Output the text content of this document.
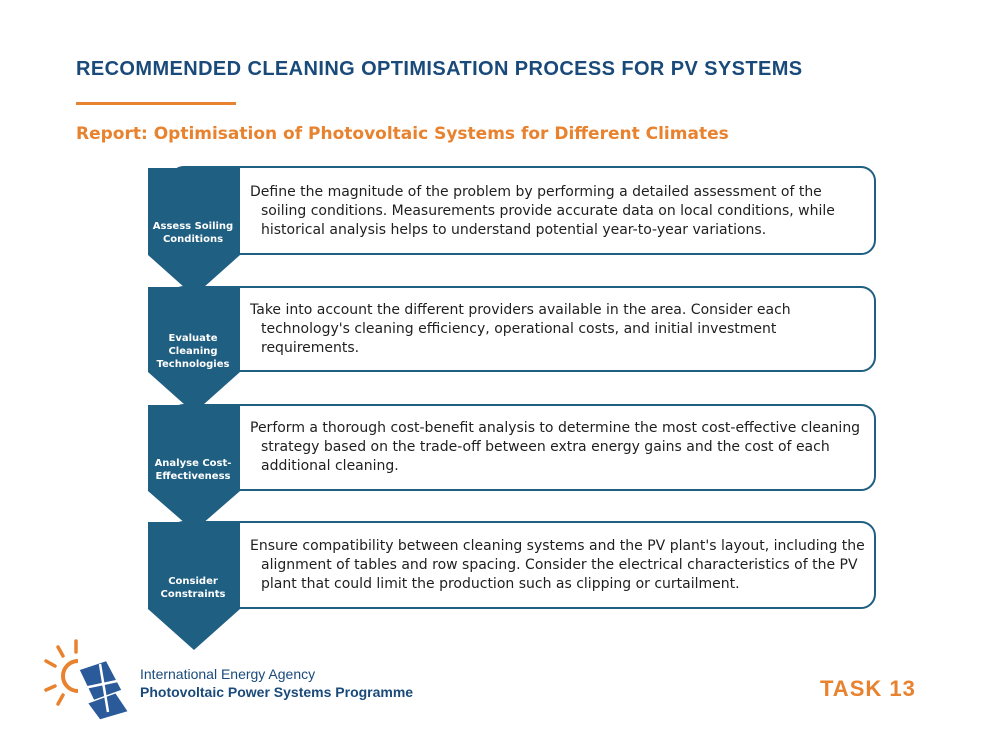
RECOMMENDED CLEANING OPTIMISATION PROCESS FOR PV SYSTEMS
Report: Optimisation of Photovoltaic Systems for Different Climates

Assess Soiling Conditions

Evaluate Cleaning Technologies

Analyse Cost-Effectiveness

Consider Constraints

Define the magnitude of the problem by performing a detailed assessment of the soiling conditions. Measurements provide accurate data on local conditions, while historical analysis helps to understand potential year-to-year variations.

Take into account the different providers available in the area. Consider each technology's cleaning efficiency, operational costs, and initial investment requirements.

Perform a thorough cost-benefit analysis to determine the most cost-effective cleaning strategy based on the trade-off between extra energy gains and the cost of each additional cleaning.

Ensure compatibility between cleaning systems and the PV plant's layout, including the alignment of tables and row spacing. Consider the electrical characteristics of the PV plant that could limit the production such as clipping or curtailment.

International Energy Agency

Photovoltaic Power Systems Programme	TASK 13
